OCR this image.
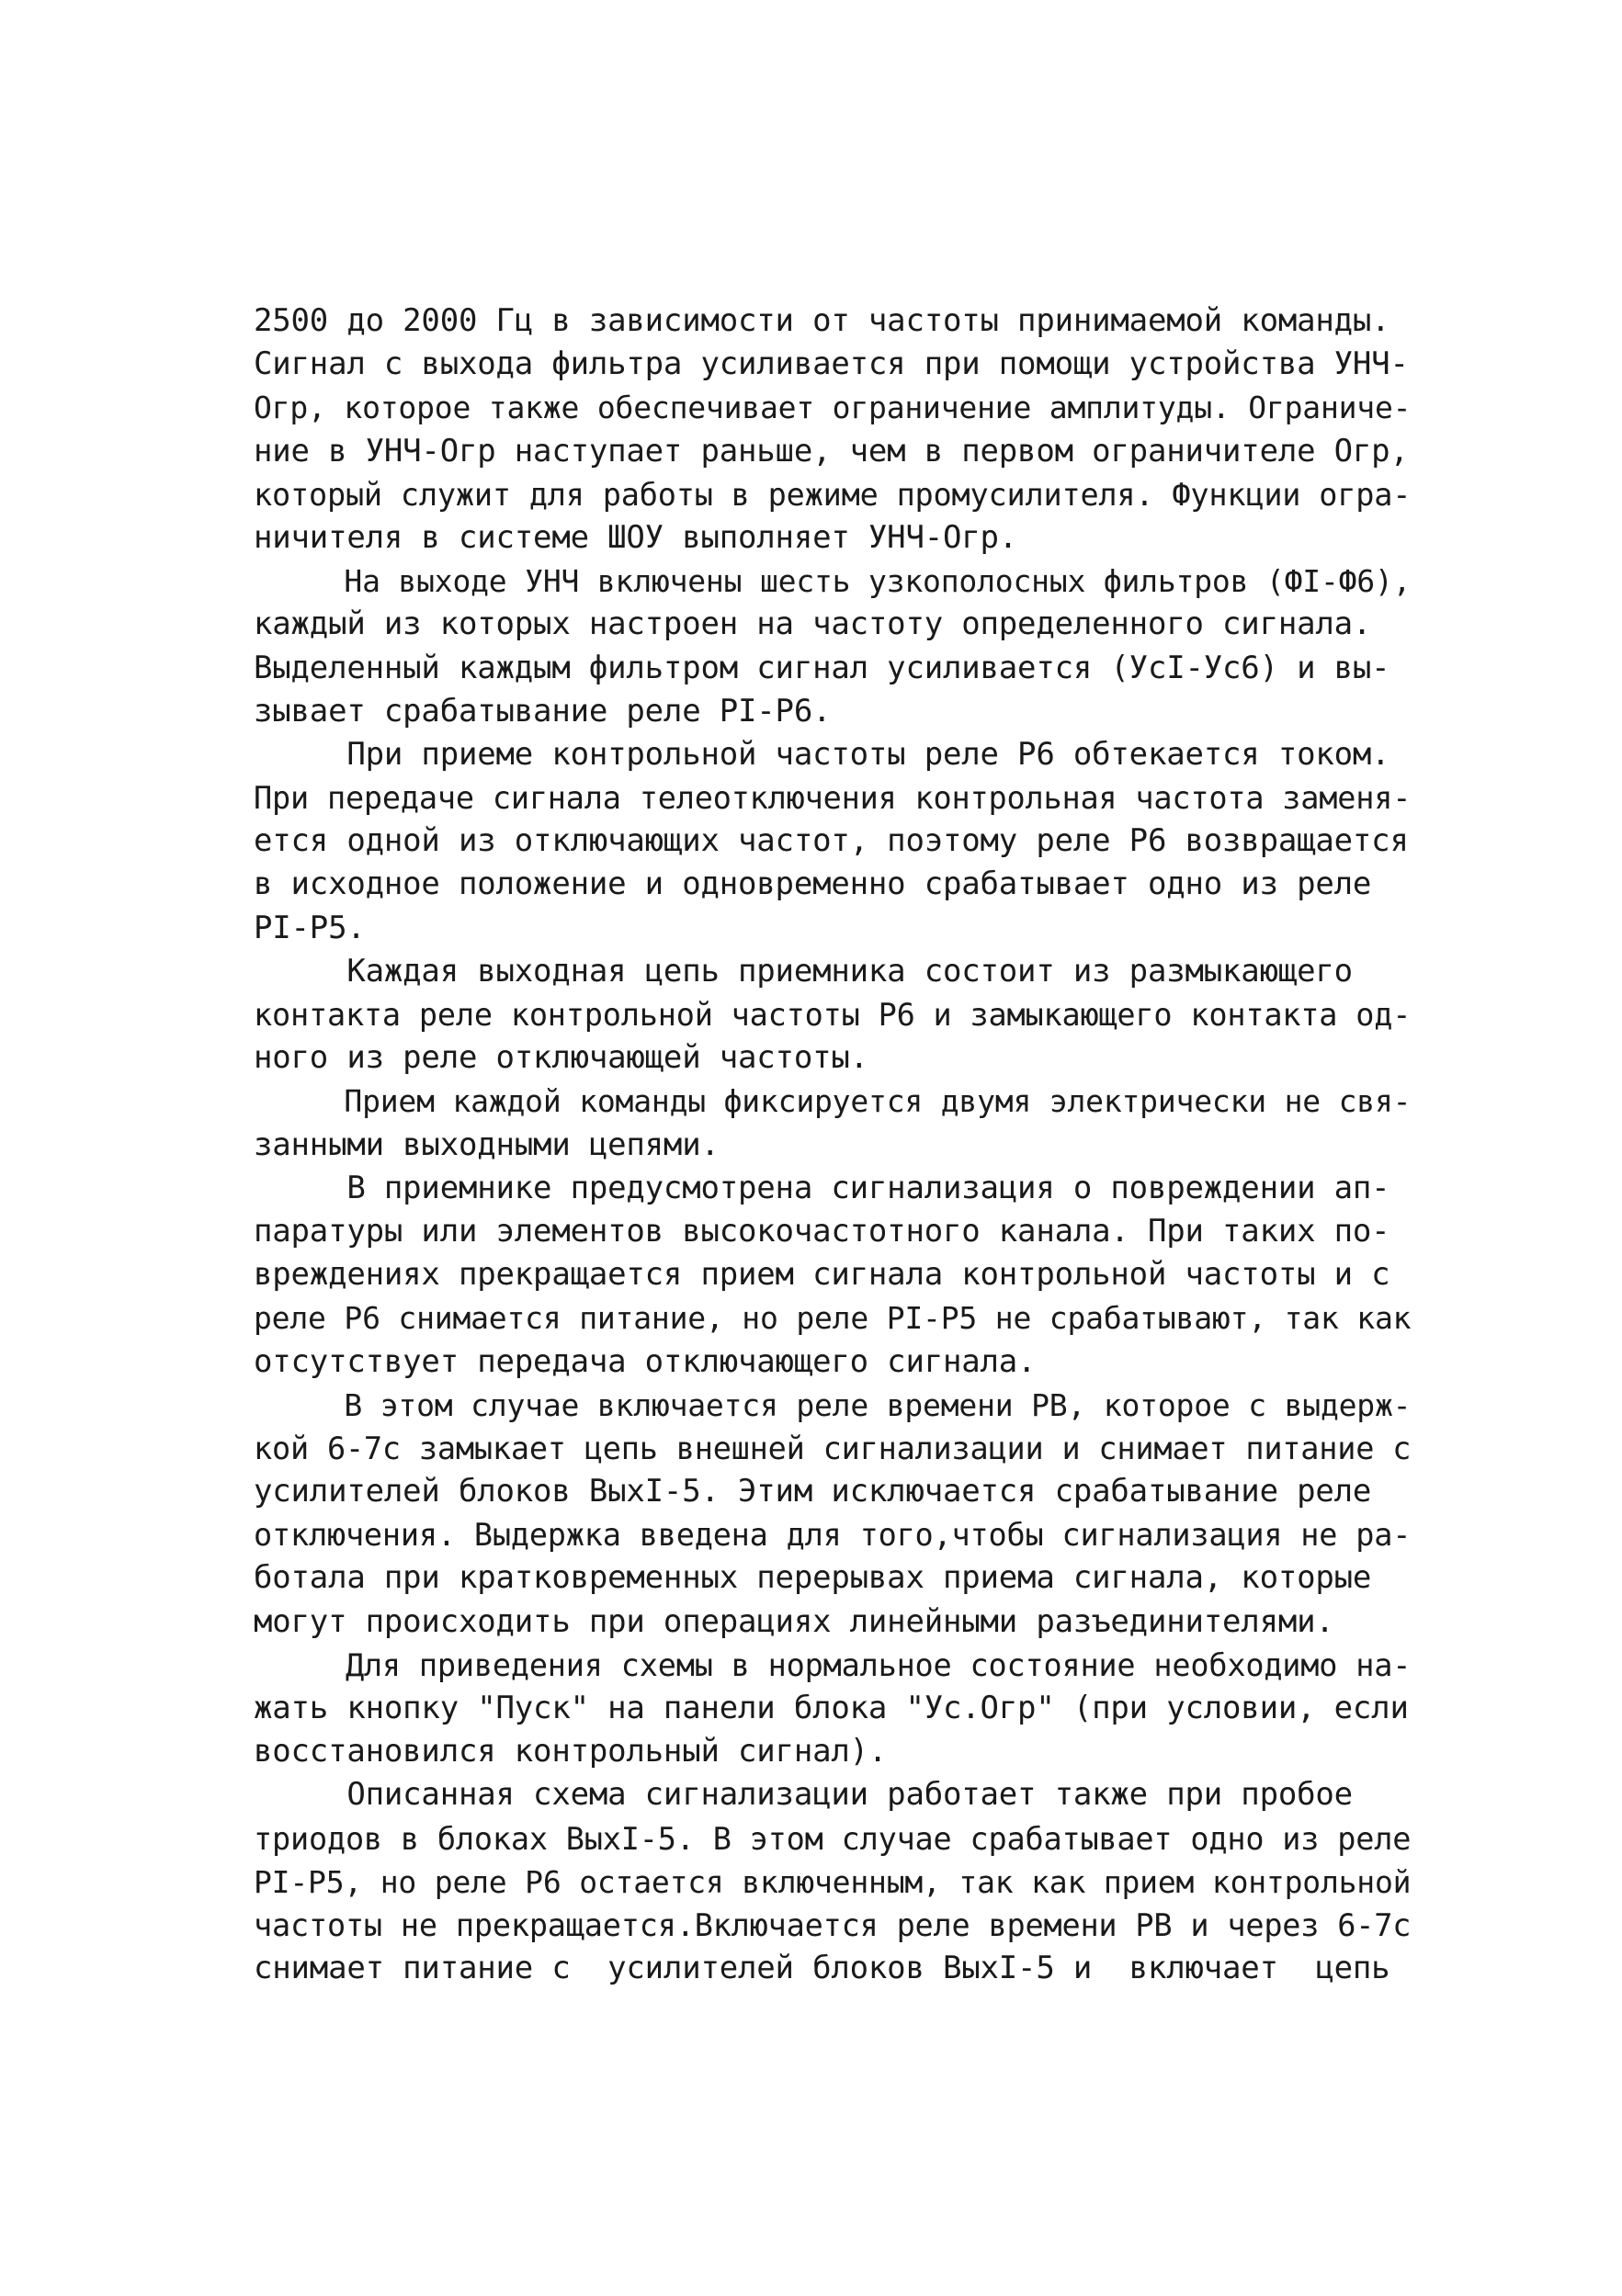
2500 до 2000 Гц в зависимости от частоты принимаемой команды.
Сигнал с выхода фильтра усиливается при помощи устройства УНЧ-
Огр, которое также обеспечивает ограничение амплитуды. Ограниче-
ние в УНЧ-Огр наступает раньше, чем в первом ограничителе Огр,
который служит для работы в режиме промусилителя. Функции огра-
ничителя в системе ШОУ выполняет УНЧ-Огр.
На выходе УНЧ включены шесть узкополосных фильтров (ФI-Ф6),
каждый из которых настроен на частоту определенного сигнала.
Выделенный каждым фильтром сигнал усиливается (УсI-Ус6) и вы-
зывает срабатывание реле РI-Р6.
При приеме контрольной частоты реле Р6 обтекается током.
При передаче сигнала телеотключения контрольная частота заменя-
ется одной из отключающих частот, поэтому реле Р6 возвращается
в исходное положение и одновременно срабатывает одно из реле
РI-Р5.
Каждая выходная цепь приемника состоит из размыкающего
контакта реле контрольной частоты Р6 и замыкающего контакта од-
ного из реле отключающей частоты.
Прием каждой команды фиксируется двумя электрически не свя-
занными выходными цепями.
В приемнике предусмотрена сигнализация о повреждении ап-
паратуры или элементов высокочастотного канала. При таких по-
вреждениях прекращается прием сигнала контрольной частоты и с
реле Р6 снимается питание, но реле РI-Р5 не срабатывают, так как
отсутствует передача отключающего сигнала.
В этом случае включается реле времени РВ, которое с выдерж-
кой 6-7с замыкает цепь внешней сигнализации и снимает питание с
усилителей блоков ВыхI-5. Этим исключается срабатывание реле
отключения. Выдержка введена для того,чтобы сигнализация не ра-
ботала при кратковременных перерывах приема сигнала, которые
могут происходить при операциях линейными разъединителями.
Для приведения схемы в нормальное состояние необходимо на-
жать кнопку "Пуск" на панели блока "Ус.Огр" (при условии, если
восстановился контрольный сигнал).
Описанная схема сигнализации работает также при пробое
триодов в блоках ВыхI-5. В этом случае срабатывает одно из реле
РI-Р5, но реле Р6 остается включенным, так как прием контрольной
частоты не прекращается.Включается реле времени РВ и через 6-7с
снимает питание с  усилителей блоков ВыхI-5 и  включает  цепь
